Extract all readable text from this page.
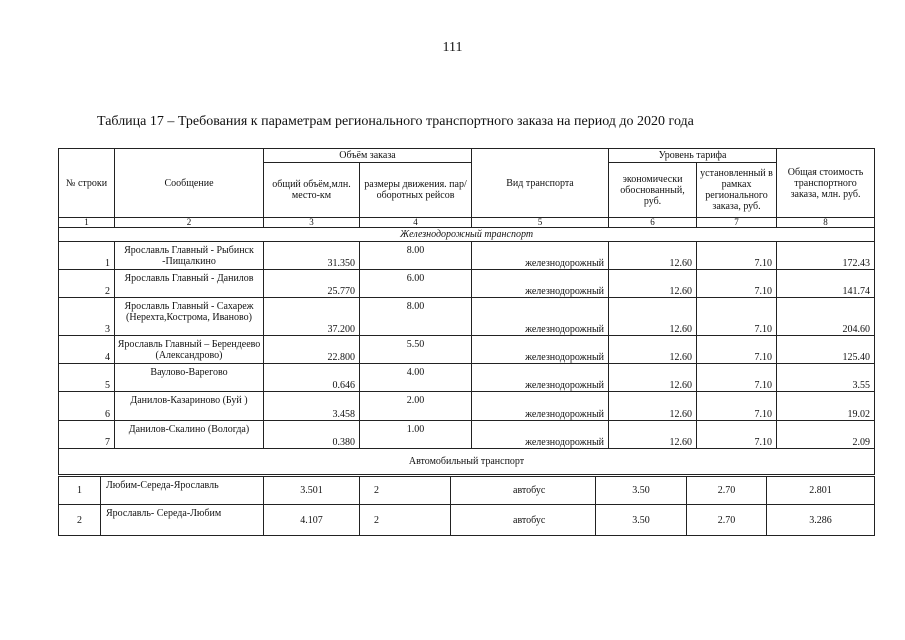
111
Таблица 17 – Требования к параметрам регионального транспортного заказа на период до 2020 года
№ строки	Сообщение	Объём заказа		Вид транспорта	Уровень тарифа		Общая стоимость транспортного заказа, млн. руб.
		общий объём,млн. место-км	размеры движения. пар/оборотных рейсов		экономически обоснованный, руб.	установленный в рамках регионального заказа, руб.	
1	2	3	4	5	6	7	8
Железнодорожный транспорт							
1	Ярославль Главный - Рыбинск -Пищалкино	31.350	8.00	железнодорожный	12.60	7.10	172.43
2	Ярославль Главный - Данилов	25.770	6.00	железнодорожный	12.60	7.10	141.74
3	Ярославль Главный - Сахареж (Нерехта,Кострома, Иваново)	37.200	8.00	железнодорожный	12.60	7.10	204.60
4	Ярославль Главный – Берендеево (Александрово)	22.800	5.50	железнодорожный	12.60	7.10	125.40
5	Ваулово-Варегово	0.646	4.00	железнодорожный	12.60	7.10	3.55
6	Данилов-Казариново (Буй )	3.458	2.00	железнодорожный	12.60	7.10	19.02
7	Данилов-Скалино (Вологда)	0.380	1.00	железнодорожный	12.60	7.10	2.09
Автомобильный транспорт							
1	Любим-Середа-Ярославль	3.501	2	автобус	3.50	2.70	2.801
2	Ярославль- Середа-Любим	4.107	2	автобус	3.50	2.70	3.286
